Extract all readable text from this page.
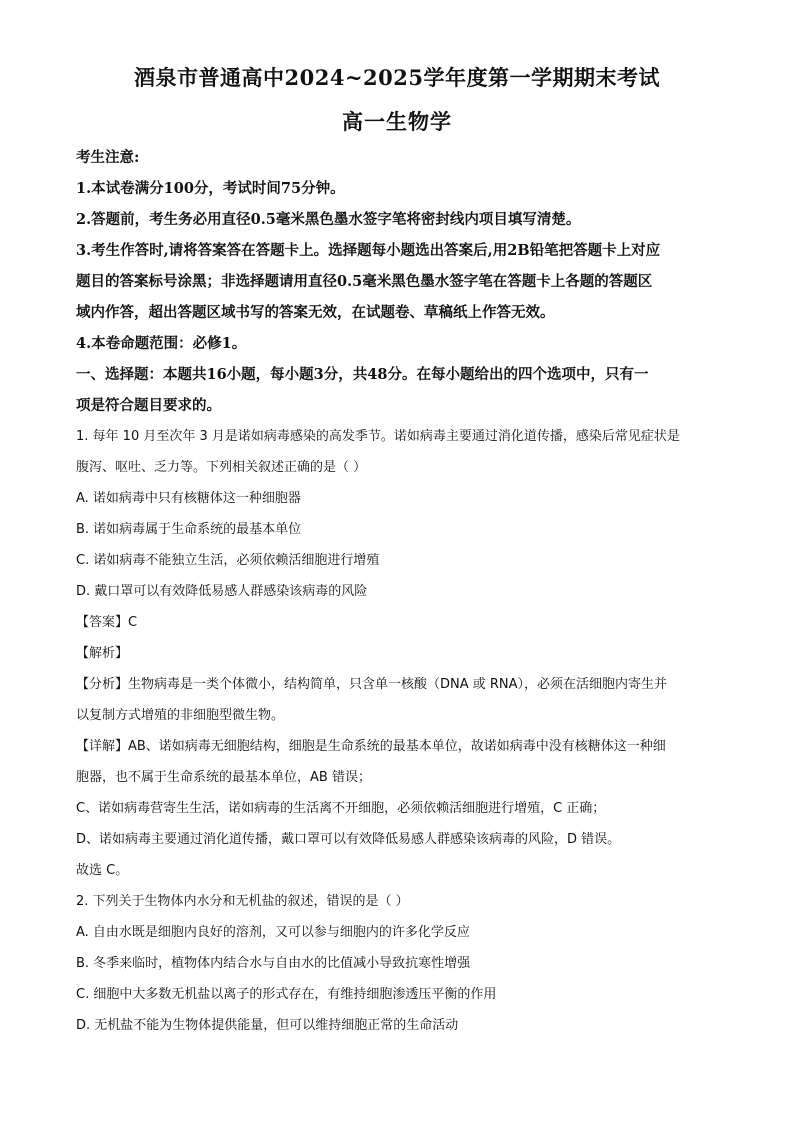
酒泉市普通高中2024~2025学年度第一学期期末考试
高一生物学
考生注意:
1.本试卷满分100分，考试时间75分钟。
2.答题前，考生务必用直径0.5毫米黑色墨水签字笔将密封线内项目填写清楚。
3.考生作答时,请将答案答在答题卡上。选择题每小题选出答案后,用2B铅笔把答题卡上对应
题目的答案标号涂黑；非选择题请用直径0.5毫米黑色墨水签字笔在答题卡上各题的答题区
域内作答，超出答题区域书写的答案无效，在试题卷、草稿纸上作答无效。
4.本卷命题范围：必修1。
一、选择题：本题共16小题，每小题3分，共48分。在每小题给出的四个选项中，只有一
项是符合题目要求的。
1. 每年 10 月至次年 3 月是诺如病毒感染的高发季节。诺如病毒主要通过消化道传播，感染后常见症状是
腹泻、呕吐、乏力等。下列相关叙述正确的是（ ）
A. 诺如病毒中只有核糖体这一种细胞器
B. 诺如病毒属于生命系统的最基本单位
C. 诺如病毒不能独立生活，必须依赖活细胞进行增殖
D. 戴口罩可以有效降低易感人群感染该病毒的风险
【答案】C
【解析】
【分析】生物病毒是一类个体微小，结构简单，只含单一核酸（DNA 或 RNA），必须在活细胞内寄生并
以复制方式增殖的非细胞型微生物。
【详解】AB、诺如病毒无细胞结构，细胞是生命系统的最基本单位，故诺如病毒中没有核糖体这一种细
胞器，也不属于生命系统的最基本单位，AB 错误；
C、诺如病毒营寄生生活，诺如病毒的生活离不开细胞，必须依赖活细胞进行增殖，C 正确；
D、诺如病毒主要通过消化道传播，戴口罩可以有效降低易感人群感染该病毒的风险，D 错误。
故选 C。
2. 下列关于生物体内水分和无机盐的叙述，错误的是（ ）
A. 自由水既是细胞内良好的溶剂，又可以参与细胞内的许多化学反应
B. 冬季来临时，植物体内结合水与自由水的比值减小导致抗寒性增强
C. 细胞中大多数无机盐以离子的形式存在，有维持细胞渗透压平衡的作用
D. 无机盐不能为生物体提供能量，但可以维持细胞正常的生命活动
